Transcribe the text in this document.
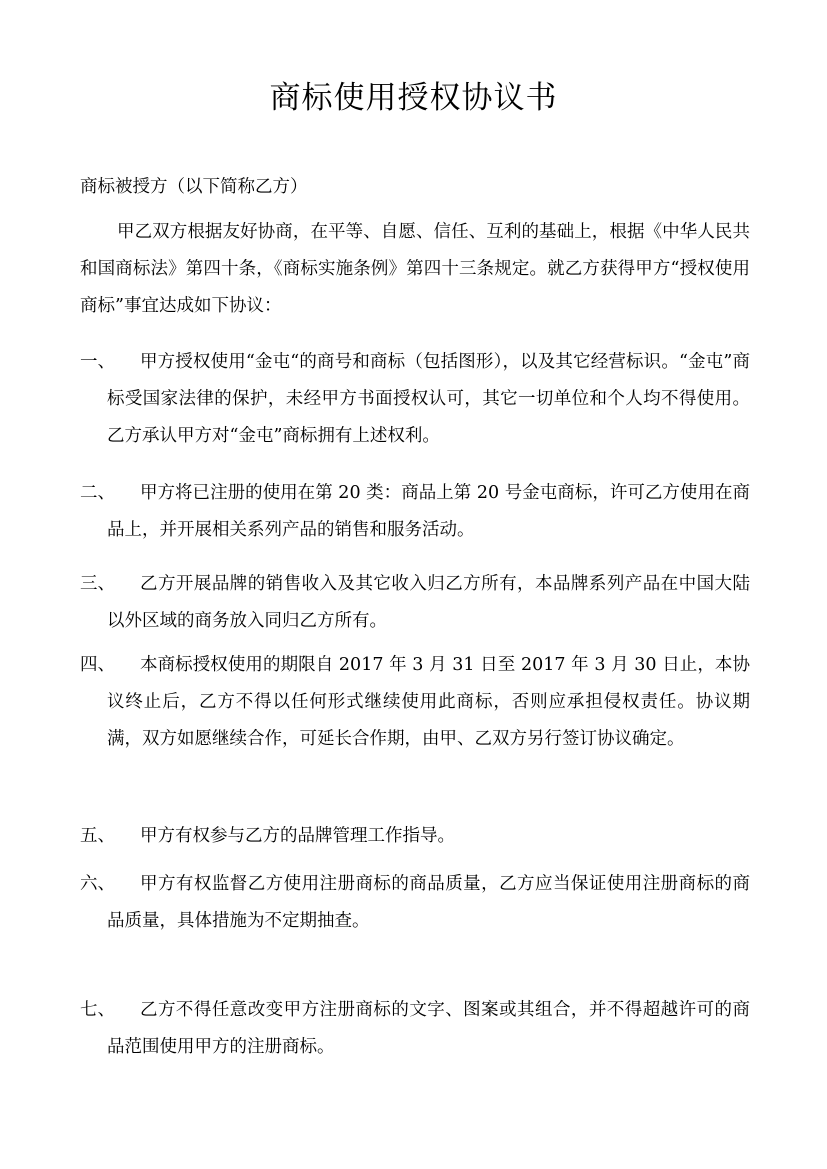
商标使用授权协议书
商标被授方（以下简称乙方）

甲乙双方根据友好协商，在平等、自愿、信任、互利的基础上，根据《中华人民共和国商标法》第四十条，《商标实施条例》第四十三条规定。就乙方获得甲方“授权使用商标”事宜达成如下协议：

一、	甲方授权使用“金屯“的商号和商标（包括图形），以及其它经营标识。“金屯”商标受国家法律的保护，未经甲方书面授权认可，其它一切单位和个人均不得使用。乙方承认甲方对“金屯”商标拥有上述权利。

二、	甲方将已注册的使用在第 20 类：商品上第 20 号金屯商标，许可乙方使用在商品上，并开展相关系列产品的销售和服务活动。

三、	乙方开展品牌的销售收入及其它收入归乙方所有，本品牌系列产品在中国大陆以外区域的商务放入同归乙方所有。

四、	本商标授权使用的期限自 2017 年 3 月 31 日至 2017 年 3 月 30 日止，本协议终止后，乙方不得以任何形式继续使用此商标，否则应承担侵权责任。协议期满，双方如愿继续合作，可延长合作期，由甲、乙双方另行签订协议确定。

五、	甲方有权参与乙方的品牌管理工作指导。

六、	甲方有权监督乙方使用注册商标的商品质量，乙方应当保证使用注册商标的商品质量，具体措施为不定期抽查。

七、	乙方不得任意改变甲方注册商标的文字、图案或其组合，并不得超越许可的商品范围使用甲方的注册商标。
